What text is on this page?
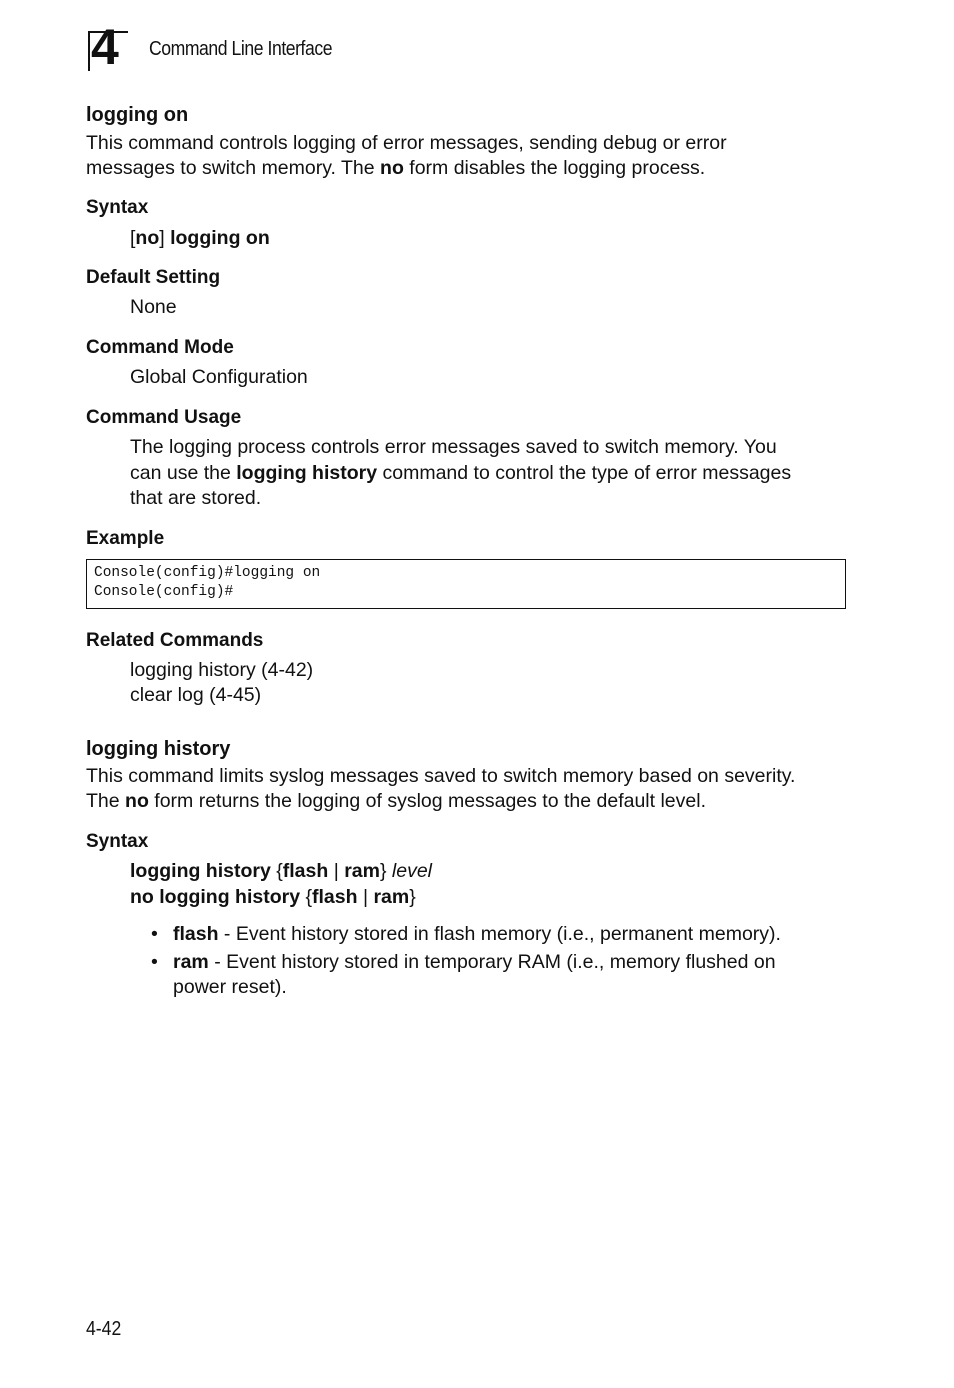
4 Command Line Interface
logging on
This command controls logging of error messages, sending debug or error
messages to switch memory. The no form disables the logging process.
Syntax
[no] logging on
Default Setting
None
Command Mode
Global Configuration
Command Usage
The logging process controls error messages saved to switch memory. You
can use the logging history command to control the type of error messages
that are stored.
Example
Console(config)#logging on
Console(config)#
Related Commands
logging history (4-42)
clear log (4-45)
logging history
This command limits syslog messages saved to switch memory based on severity.
The no form returns the logging of syslog messages to the default level.
Syntax
logging history {flash | ram} level
no logging history {flash | ram}
• flash - Event history stored in flash memory (i.e., permanent memory).
• ram - Event history stored in temporary RAM (i.e., memory flushed on
power reset).
4-42
